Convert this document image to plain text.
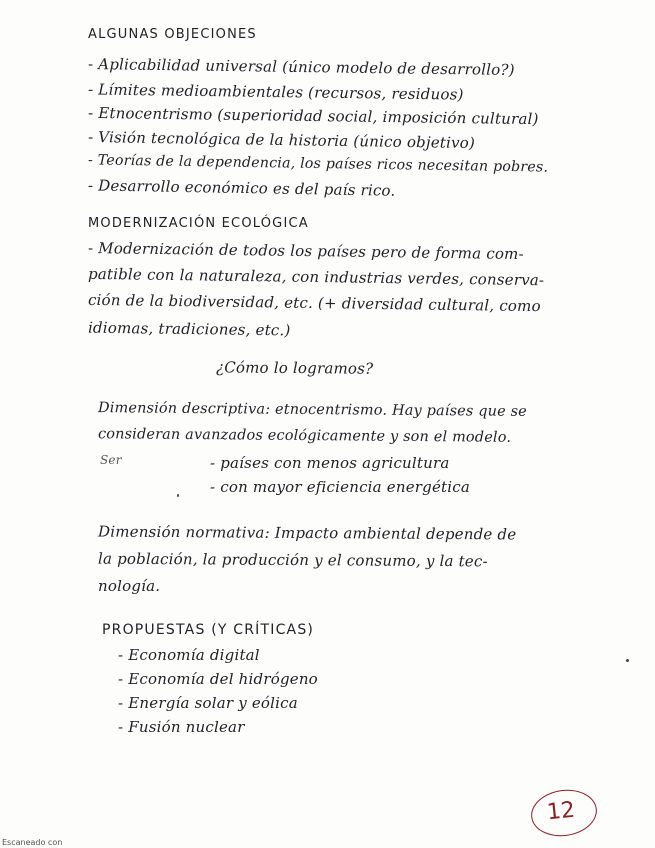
ALGUNAS OBJECIONES
- Aplicabilidad universal (único modelo de desarrollo?)
- Límites medioambientales (recursos, residuos)
- Etnocentrismo (superioridad social, imposición cultural)
- Visión tecnológica de la historia (único objetivo)
- Teorías de la dependencia, los países ricos necesitan pobres.
- Desarrollo económico es del país rico.
MODERNIZACIÓN ECOLÓGICA
- Modernización de todos los países pero de forma com-
patible con la naturaleza, con industrias verdes, conserva-
ción de la biodiversidad, etc. (+ diversidad cultural, como
idiomas, tradiciones, etc.)
¿Cómo lo logramos?
Dimensión descriptiva: etnocentrismo. Hay países que se
consideran avanzados ecológicamente y son el modelo.
Ser	- países con menos agricultura
- con mayor eficiencia energética
Dimensión normativa: Impacto ambiental depende de
la población, la producción y el consumo, y la tec-
nología.
PROPUESTAS (Y CRÍTICAS)
- Economía digital
- Economía del hidrógeno
- Energía solar y eólica
- Fusión nuclear
12
Escaneado con
